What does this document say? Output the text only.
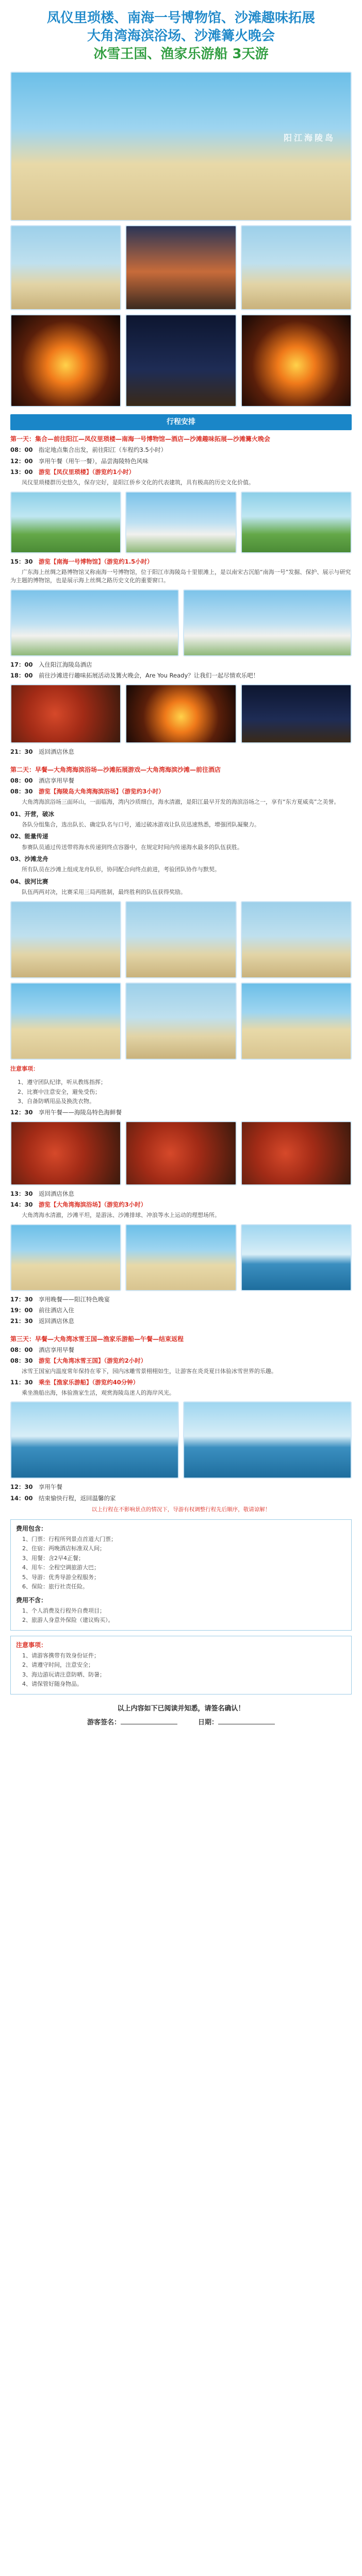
凤仪里琐楼、南海一号博物馆、沙滩趣味拓展
大角湾海滨浴场、沙滩篝火晚会
冰雪王国、渔家乐游船 3天游
阳江海陵岛
行程安排
第一天：集合—前往阳江—凤仪里琐楼—南海一号博物馆—酒店—沙滩趣味拓展—沙滩篝火晚会
08：00　 指定地点集合出发，前往阳江（车程约3.5小时）
12：00　 享用午餐（用午一餐），品尝海陵特色风味
13：00　 游览【凤仪里琐楼】（游览约1小时）
凤仪里琐楼群历史悠久，保存完好，是阳江侨乡文化的代表建筑，具有极高的历史文化价值。
15：30　 游览【南海一号博物馆】（游览约1.5小时）
广东海上丝绸之路博物馆又称南海一号博物馆，位于阳江市海陵岛十里银滩上，是以南宋古沉船“南海一号”发掘、保护、展示与研究为主题的博物馆，也是展示海上丝绸之路历史文化的重要窗口。
17：00　 入住阳江海陵岛酒店
18：00　 前往沙滩进行趣味拓展活动及篝火晚会，Are You Ready？让我们一起尽情欢乐吧！
21：30　 返回酒店休息
第二天：早餐—大角湾海滨浴场—沙滩拓展游戏—大角湾海滨沙滩—前往酒店
08：00　 酒店享用早餐
08：30　 游览【海陵岛大角湾海滨浴场】（游览约3小时）
大角湾海滨浴场三面环山，一面临海，湾内沙质细白，海水清澈，是阳江最早开发的海滨浴场之一，享有“东方夏威夷”之美誉。
01、开营，破冰
各队分组集合，选出队长、确定队名与口号，通过破冰游戏让队员迅速熟悉，增强团队凝聚力。
02、能量传递
参赛队员通过传送带将海水传递到终点容器中，在规定时间内传递海水最多的队伍获胜。
03、沙滩龙舟
所有队员在沙滩上组成龙舟队形，协同配合向终点前进，考验团队协作与默契。
04、拔河比赛
队伍两两对决，比赛采用三局两胜制，最终胜利的队伍获得奖励。
注意事项：
1、遵守团队纪律，听从教练指挥；
2、比赛中注意安全，避免受伤；
3、自备防晒用品及换洗衣物。
12：30　 享用午餐——海陵岛特色海鲜餐
13：30　 返回酒店休息
14：30　 游览【大角湾海滨浴场】（游览约3小时）
大角湾海水清澈，沙滩平坦，是游泳、沙滩排球、冲浪等水上运动的理想场所。
17：30　 享用晚餐——阳江特色晚宴
19：00　 前往酒店入住
21：30　 返回酒店休息
第三天：早餐—大角湾冰雪王国—渔家乐游船—午餐—结束返程
08：00　 酒店享用早餐
08：30　 游览【大角湾冰雪王国】（游览约2小时）
冰雪王国室内温度常年保持在零下，园内冰雕雪景栩栩如生，让游客在炎炎夏日体验冰雪世界的乐趣。
11：30　 乘坐【渔家乐游船】（游览约40分钟）
乘坐渔船出海，体验渔家生活，观赏海陵岛迷人的海岸风光。
12：30　 享用午餐
14：00　 结束愉快行程，返回温馨的家
以上行程在不影响景点的情况下，导游有权调整行程先后顺序，敬请谅解！
费用包含：
1、门票：行程所列景点首道大门票；
2、住宿：两晚酒店标准双人间；
3、用餐：含2早4正餐；
4、用车：全程空调旅游大巴；
5、导游：优秀导游全程服务；
6、保险：旅行社责任险。
费用不含：
1、个人消费及行程外自费项目；
2、旅游人身意外保险（建议购买）。
注意事项：
1、请游客携带有效身份证件；
2、请遵守时间，注意安全；
3、海边游玩请注意防晒、防暑；
4、请保管好随身物品。
以上内容如下已阅读并知悉，请签名确认！
游客签名：	日期：
